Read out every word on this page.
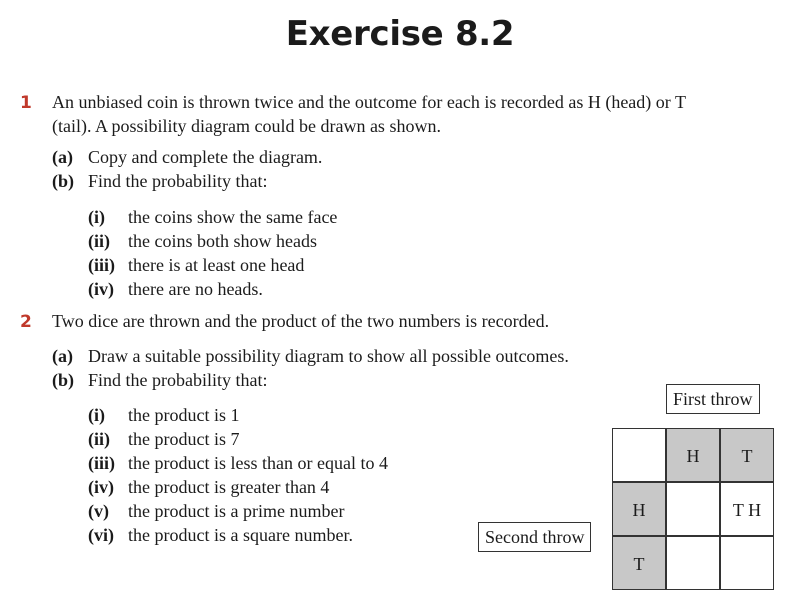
Exercise 8.2
1 An unbiased coin is thrown twice and the outcome for each is recorded as H (head) or T
(tail). A possibility diagram could be drawn as shown.
(a) Copy and complete the diagram.
(b) Find the probability that:
(i) the coins show the same face
(ii) the coins both show heads
(iii) there is at least one head
(iv) there are no heads.
2 Two dice are thrown and the product of the two numbers is recorded.
(a) Draw a suitable possibility diagram to show all possible outcomes.
(b) Find the probability that:
(i) the product is 1
(ii) the product is 7
(iii) the product is less than or equal to 4
(iv) the product is greater than 4
(v) the product is a prime number
(vi) the product is a square number.
First throw
Second throw
H	T
H	T H
T
